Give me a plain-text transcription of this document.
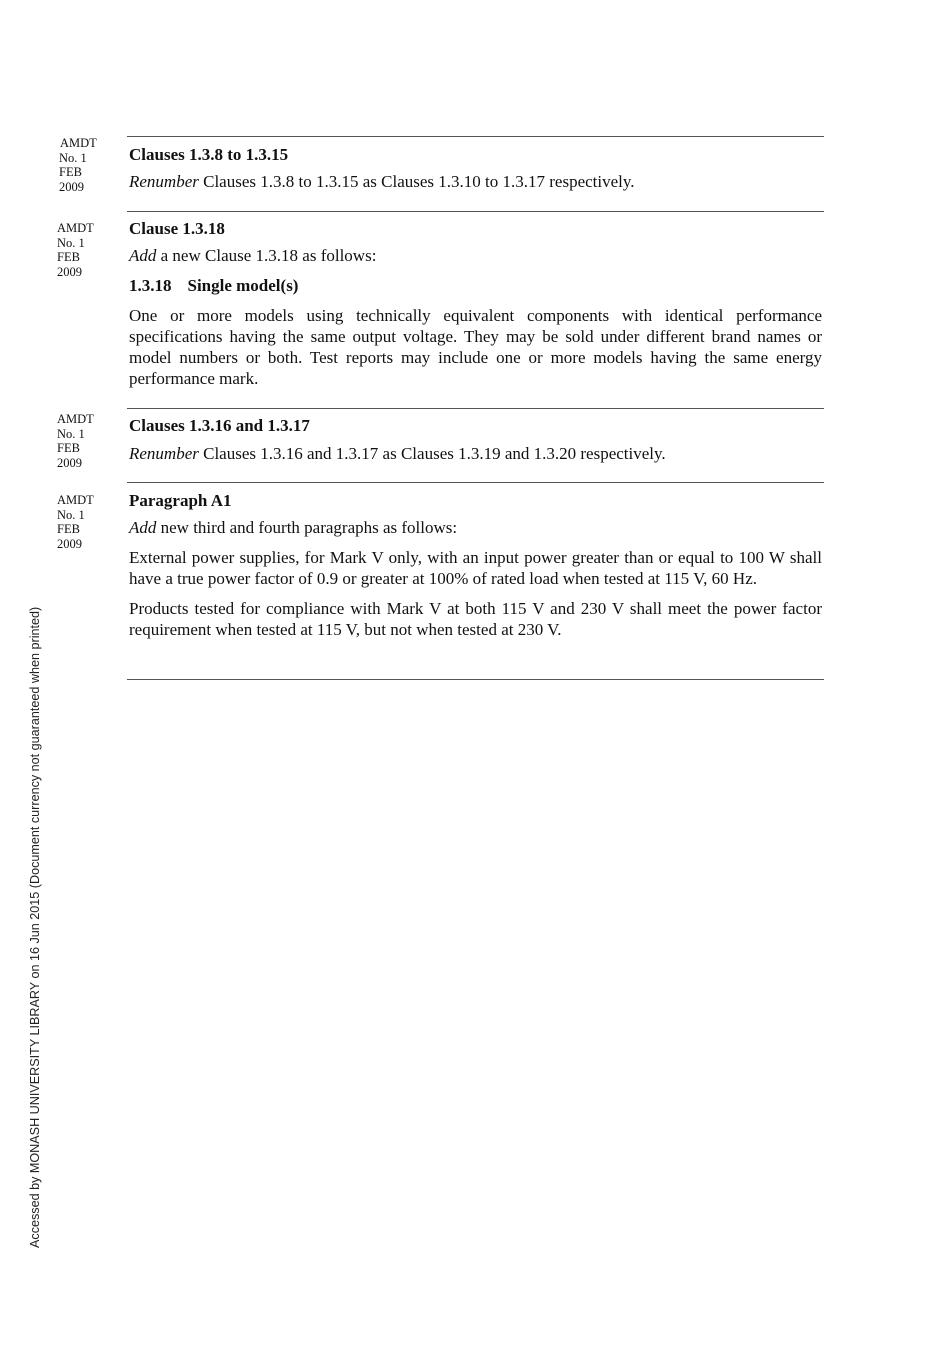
AMDT
No. 1
FEB
2009

Clauses 1.3.8 to 1.3.15

Renumber Clauses 1.3.8 to 1.3.15 as Clauses 1.3.10 to 1.3.17 respectively.

AMDT
No. 1
FEB
2009

Clause 1.3.18

Add a new Clause 1.3.18 as follows:

1.3.18 Single model(s)

One or more models using technically equivalent components with identical performance specifications having the same output voltage. They may be sold under different brand names or model numbers or both. Test reports may include one or more models having the same energy performance mark.

AMDT
No. 1
FEB
2009

Clauses 1.3.16 and 1.3.17

Renumber Clauses 1.3.16 and 1.3.17 as Clauses 1.3.19 and 1.3.20 respectively.

AMDT
No. 1
FEB
2009

Paragraph A1

Add new third and fourth paragraphs as follows:

External power supplies, for Mark V only, with an input power greater than or equal to 100 W shall have a true power factor of 0.9 or greater at 100% of rated load when tested at 115 V, 60 Hz.

Products tested for compliance with Mark V at both 115 V and 230 V shall meet the power factor requirement when tested at 115 V, but not when tested at 230 V.

Accessed by MONASH UNIVERSITY LIBRARY on 16 Jun 2015 (Document currency not guaranteed when printed)
